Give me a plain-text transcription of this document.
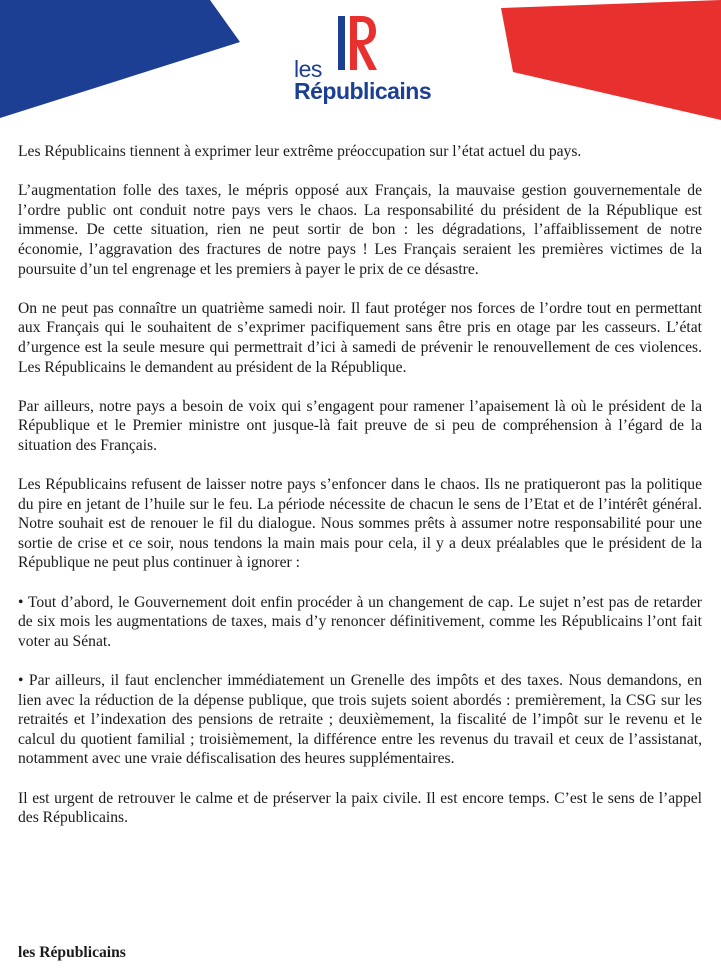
les
Républicains

Les Républicains tiennent à exprimer leur extrême préoccupation sur l’état actuel du pays.

L’augmentation folle des taxes, le mépris opposé aux Français, la mauvaise gestion gouvernementale de l’ordre public ont conduit notre pays vers le chaos. La responsabilité du président de la République est immense. De cette situation, rien ne peut sortir de bon : les dégradations, l’affaiblissement de notre économie, l’aggravation des fractures de notre pays ! Les Français seraient les premières victimes de la poursuite d’un tel engrenage et les premiers à payer le prix de ce désastre.

On ne peut pas connaître un quatrième samedi noir. Il faut protéger nos forces de l’ordre tout en permettant aux Français qui le souhaitent de s’exprimer pacifiquement sans être pris en otage par les casseurs. L’état d’urgence est la seule mesure qui permettrait d’ici à samedi de prévenir le renouvellement de ces violences. Les Républicains le demandent au président de la République.

Par ailleurs, notre pays a besoin de voix qui s’engagent pour ramener l’apaisement là où le président de la République et le Premier ministre ont jusque-là fait preuve de si peu de compréhension à l’égard de la situation des Français.

Les Républicains refusent de laisser notre pays s’enfoncer dans le chaos. Ils ne pratiqueront pas la politique du pire en jetant de l’huile sur le feu. La période nécessite de chacun le sens de l’Etat et de l’intérêt général. Notre souhait est de renouer le fil du dialogue. Nous sommes prêts à assumer notre responsabilité pour une sortie de crise et ce soir, nous tendons la main mais pour cela, il y a deux préalables que le président de la République ne peut plus continuer à ignorer :

• Tout d’abord, le Gouvernement doit enfin procéder à un changement de cap. Le sujet n’est pas de retarder de six mois les augmentations de taxes, mais d’y renoncer définitivement, comme les Républicains l’ont fait voter au Sénat.

• Par ailleurs, il faut enclencher immédiatement un Grenelle des impôts et des taxes. Nous demandons, en lien avec la réduction de la dépense publique, que trois sujets soient abordés : premièrement, la CSG sur les retraités et l’indexation des pensions de retraite ; deuxièmement, la fiscalité de l’impôt sur le revenu et le calcul du quotient familial ; troisièmement, la différence entre les revenus du travail et ceux de l’assistanat, notamment avec une vraie défiscalisation des heures supplémentaires.

Il est urgent de retrouver le calme et de préserver la paix civile. Il est encore temps. C’est le sens de l’appel des Républicains.

les Républicains
